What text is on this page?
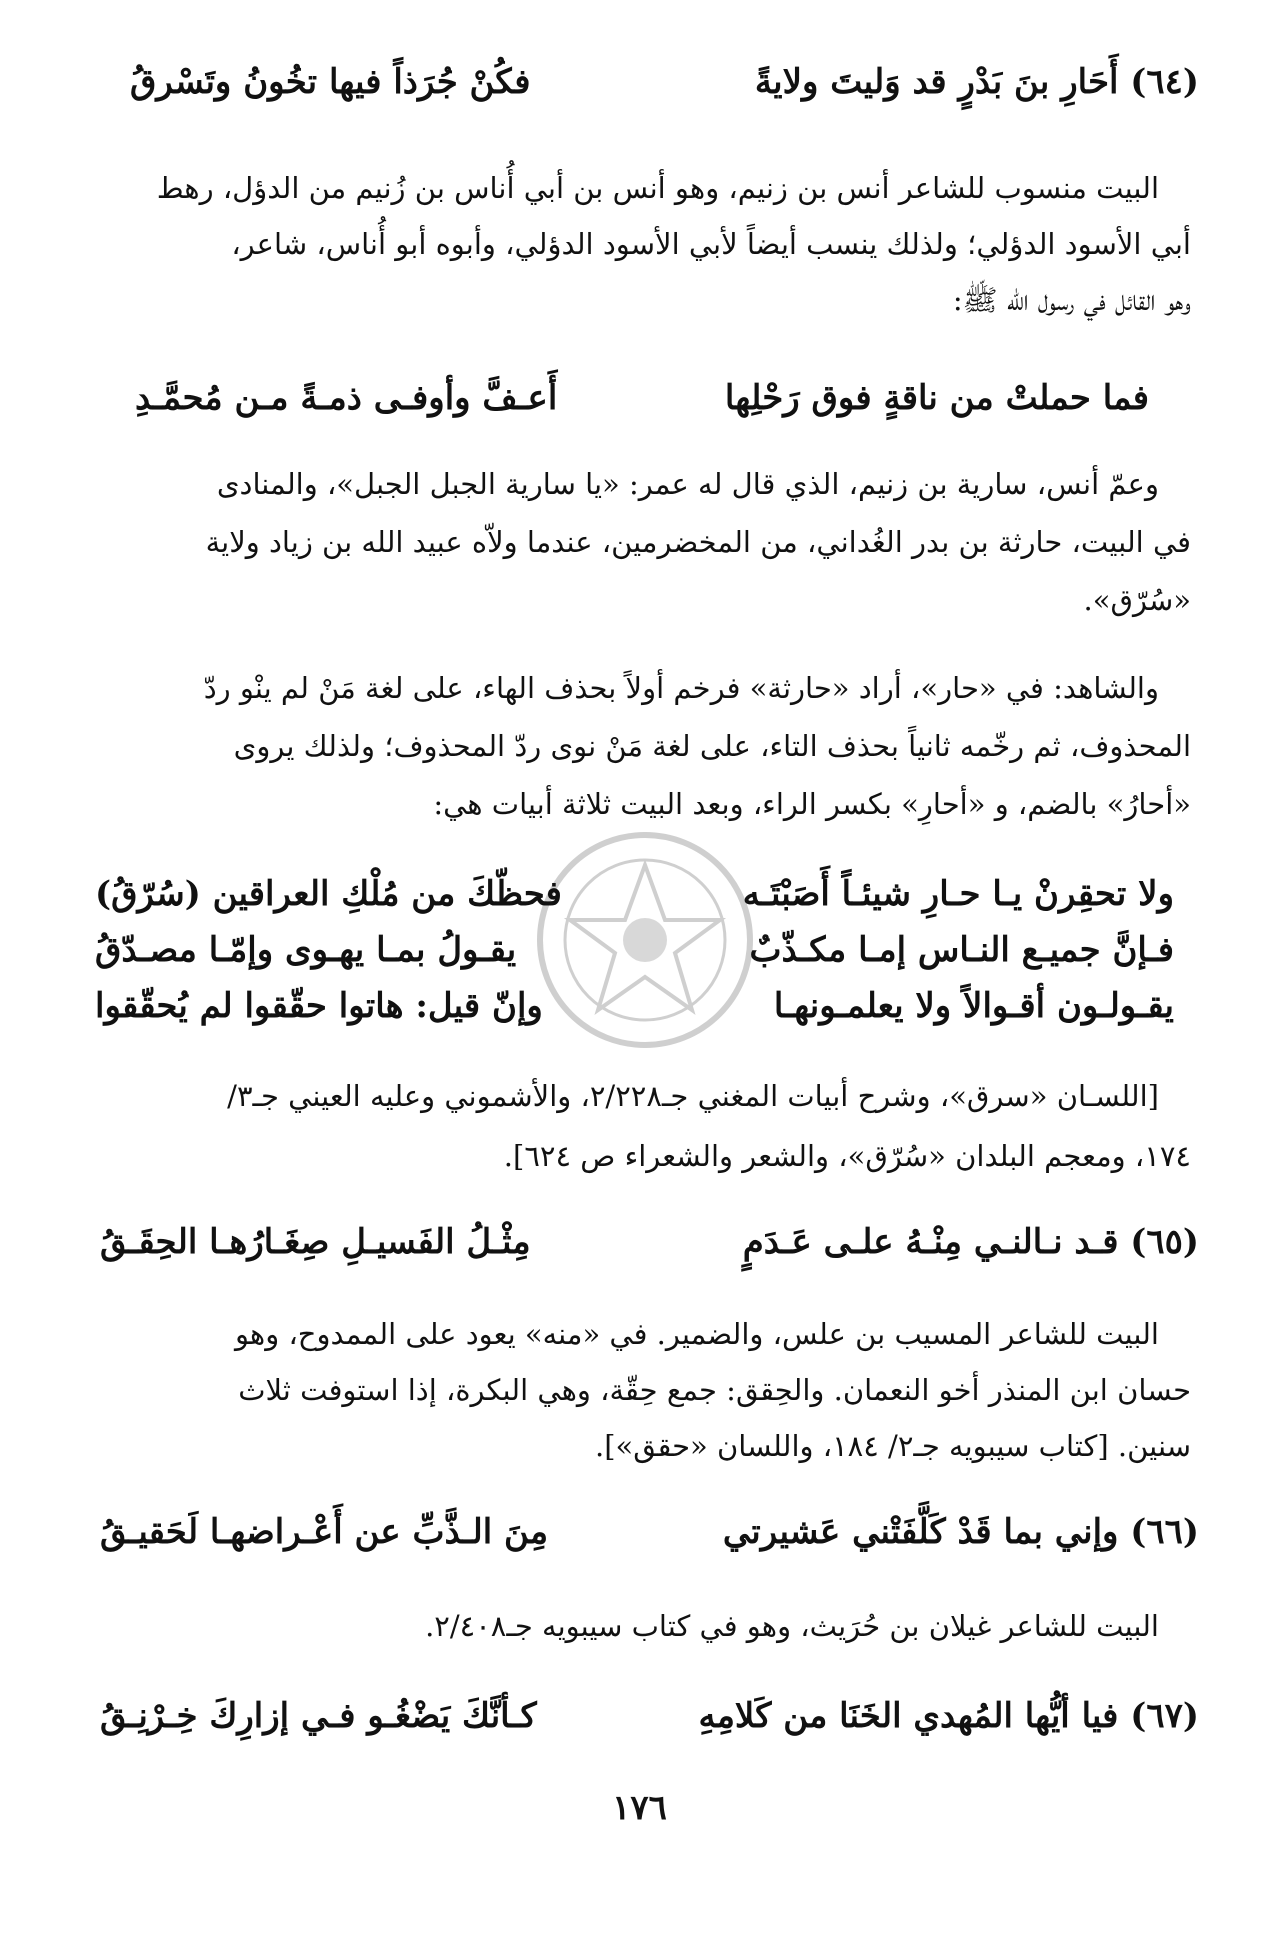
(٦٤) أَحَارِ بنَ بَدْرٍ قد وَليتَ ولايةً
فكُنْ جُرَذاً فيها تخُونُ وتَسْرقُ
البيت منسوب للشاعر أنس بن زنيم، وهو أنس بن أبي أُناس بن زُنيم من الدؤل، رهط
أبي الأسود الدؤلي؛ ولذلك ينسب أيضاً لأبي الأسود الدؤلي، وأبوه أبو أُناس، شاعر،
وهو القائل في رسول الله ﷺ:
فما حملتْ من ناقةٍ فوق رَحْلِها
أَعـفَّ وأوفـى ذمـةً مـن مُحمَّـدِ
وعمّ أنس، سارية بن زنيم، الذي قال له عمر: «يا سارية الجبل الجبل»، والمنادى
في البيت، حارثة بن بدر الغُداني، من المخضرمين، عندما ولاّه عبيد الله بن زياد ولاية
«سُرّق».
والشاهد: في «حار»، أراد «حارثة» فرخم أولاً بحذف الهاء، على لغة مَنْ لم ينْو ردّ
المحذوف، ثم رخّمه ثانياً بحذف التاء، على لغة مَنْ نوى ردّ المحذوف؛ ولذلك يروى
«أحارُ» بالضم، و «أحارِ» بكسر الراء، وبعد البيت ثلاثة أبيات هي:
ولا تحقِرنْ يـا حـارِ شيئـاً أَصَبْتَـه
فحظّكَ من مُلْكِ العراقين (سُرّقُ)
فـإنَّ جميـع النـاس إمـا مكـذّبٌ
يقـولُ بمـا يهـوى وإمّـا مصـدّقُ
يقـولـون أقـوالاً ولا يعلمـونهـا
وإنّ قيل: هاتوا حقّقوا لم يُحقّقوا
[اللسـان «سرق»، وشرح أبيات المغني جـ٢/٢٢٨، والأشموني وعليه العيني جـ٣/
١٧٤، ومعجم البلدان «سُرّق»، والشعر والشعراء ص ٦٢٤].
(٦٥) قـد نـالنـي مِنْـهُ علـى عَـدَمٍ
مِثْـلُ الفَسيـلِ صِغَـارُهـا الحِقَـقُ
البيت للشاعر المسيب بن علس، والضمير. في «منه» يعود على الممدوح، وهو
حسان ابن المنذر أخو النعمان. والحِقق: جمع حِقّة، وهي البكرة، إذا استوفت ثلاث
سنين. [كتاب سيبويه جـ٢/ ١٨٤، واللسان «حقق»].
(٦٦) وإني بما قَدْ كَلَّفَتْني عَشيرتي
مِنَ الـذَّبِّ عن أَعْـراضهـا لَحَقيـقُ
البيت للشاعر غيلان بن حُرَيث، وهو في كتاب سيبويه جـ٢/٤٠٨.
(٦٧) فيا أيُّها المُهدي الخَنَا من كَلامِهِ
كـأنَّكَ يَضْغُـو فـي إزارِكَ خِـرْنِـقُ
١٧٦
